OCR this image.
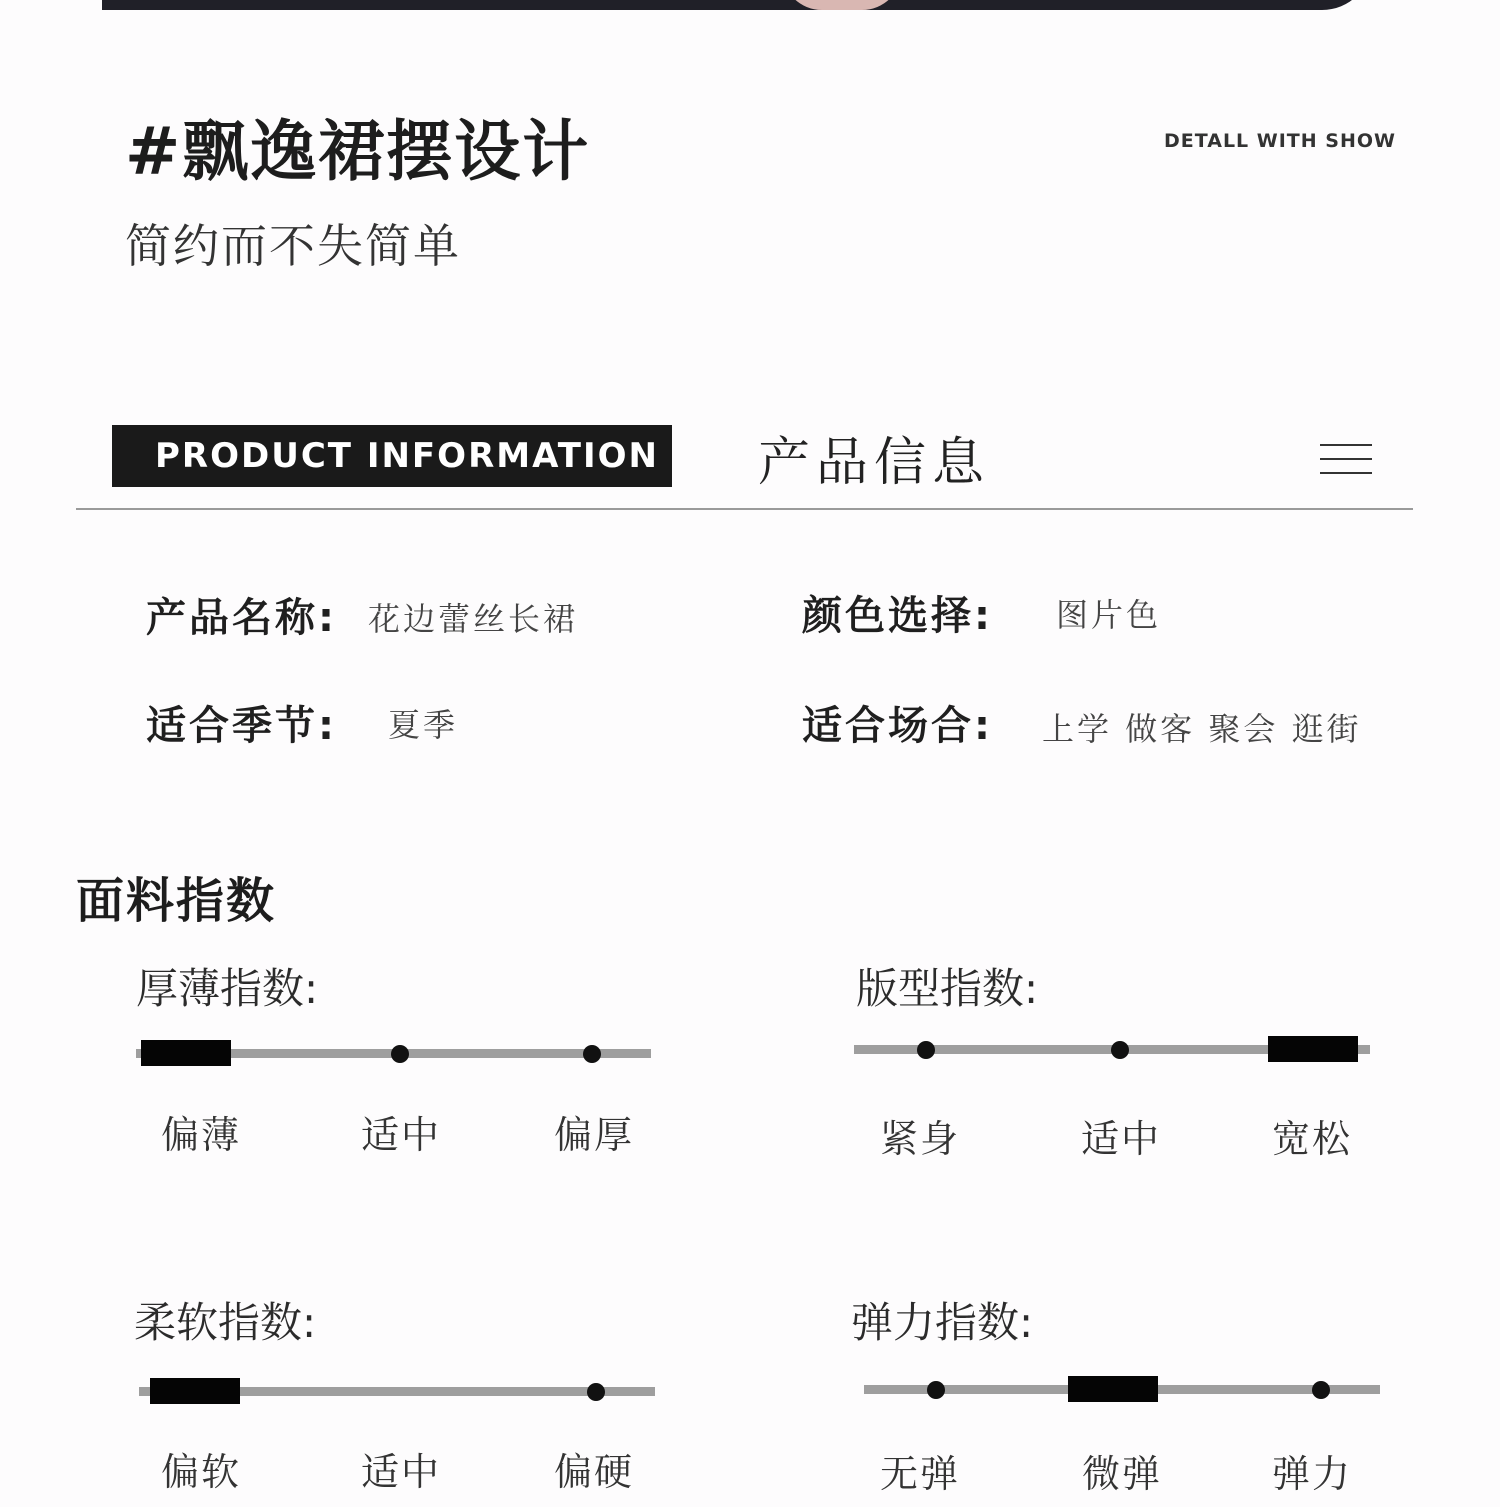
#飘逸裙摆设计	DETALL WITH SHOW
简约而不失简单
PRODUCT INFORMATION 产品信息
产品名称: 花边蕾丝长裙	颜色选择: 图片色
适合季节: 夏季	适合场合: 上学 做客 聚会 逛街
面料指数
厚薄指数:
偏薄	适中	偏厚
版型指数:
紧身	适中	宽松
柔软指数:
偏软	适中	偏硬
弹力指数:
无弹	微弹	弹力
